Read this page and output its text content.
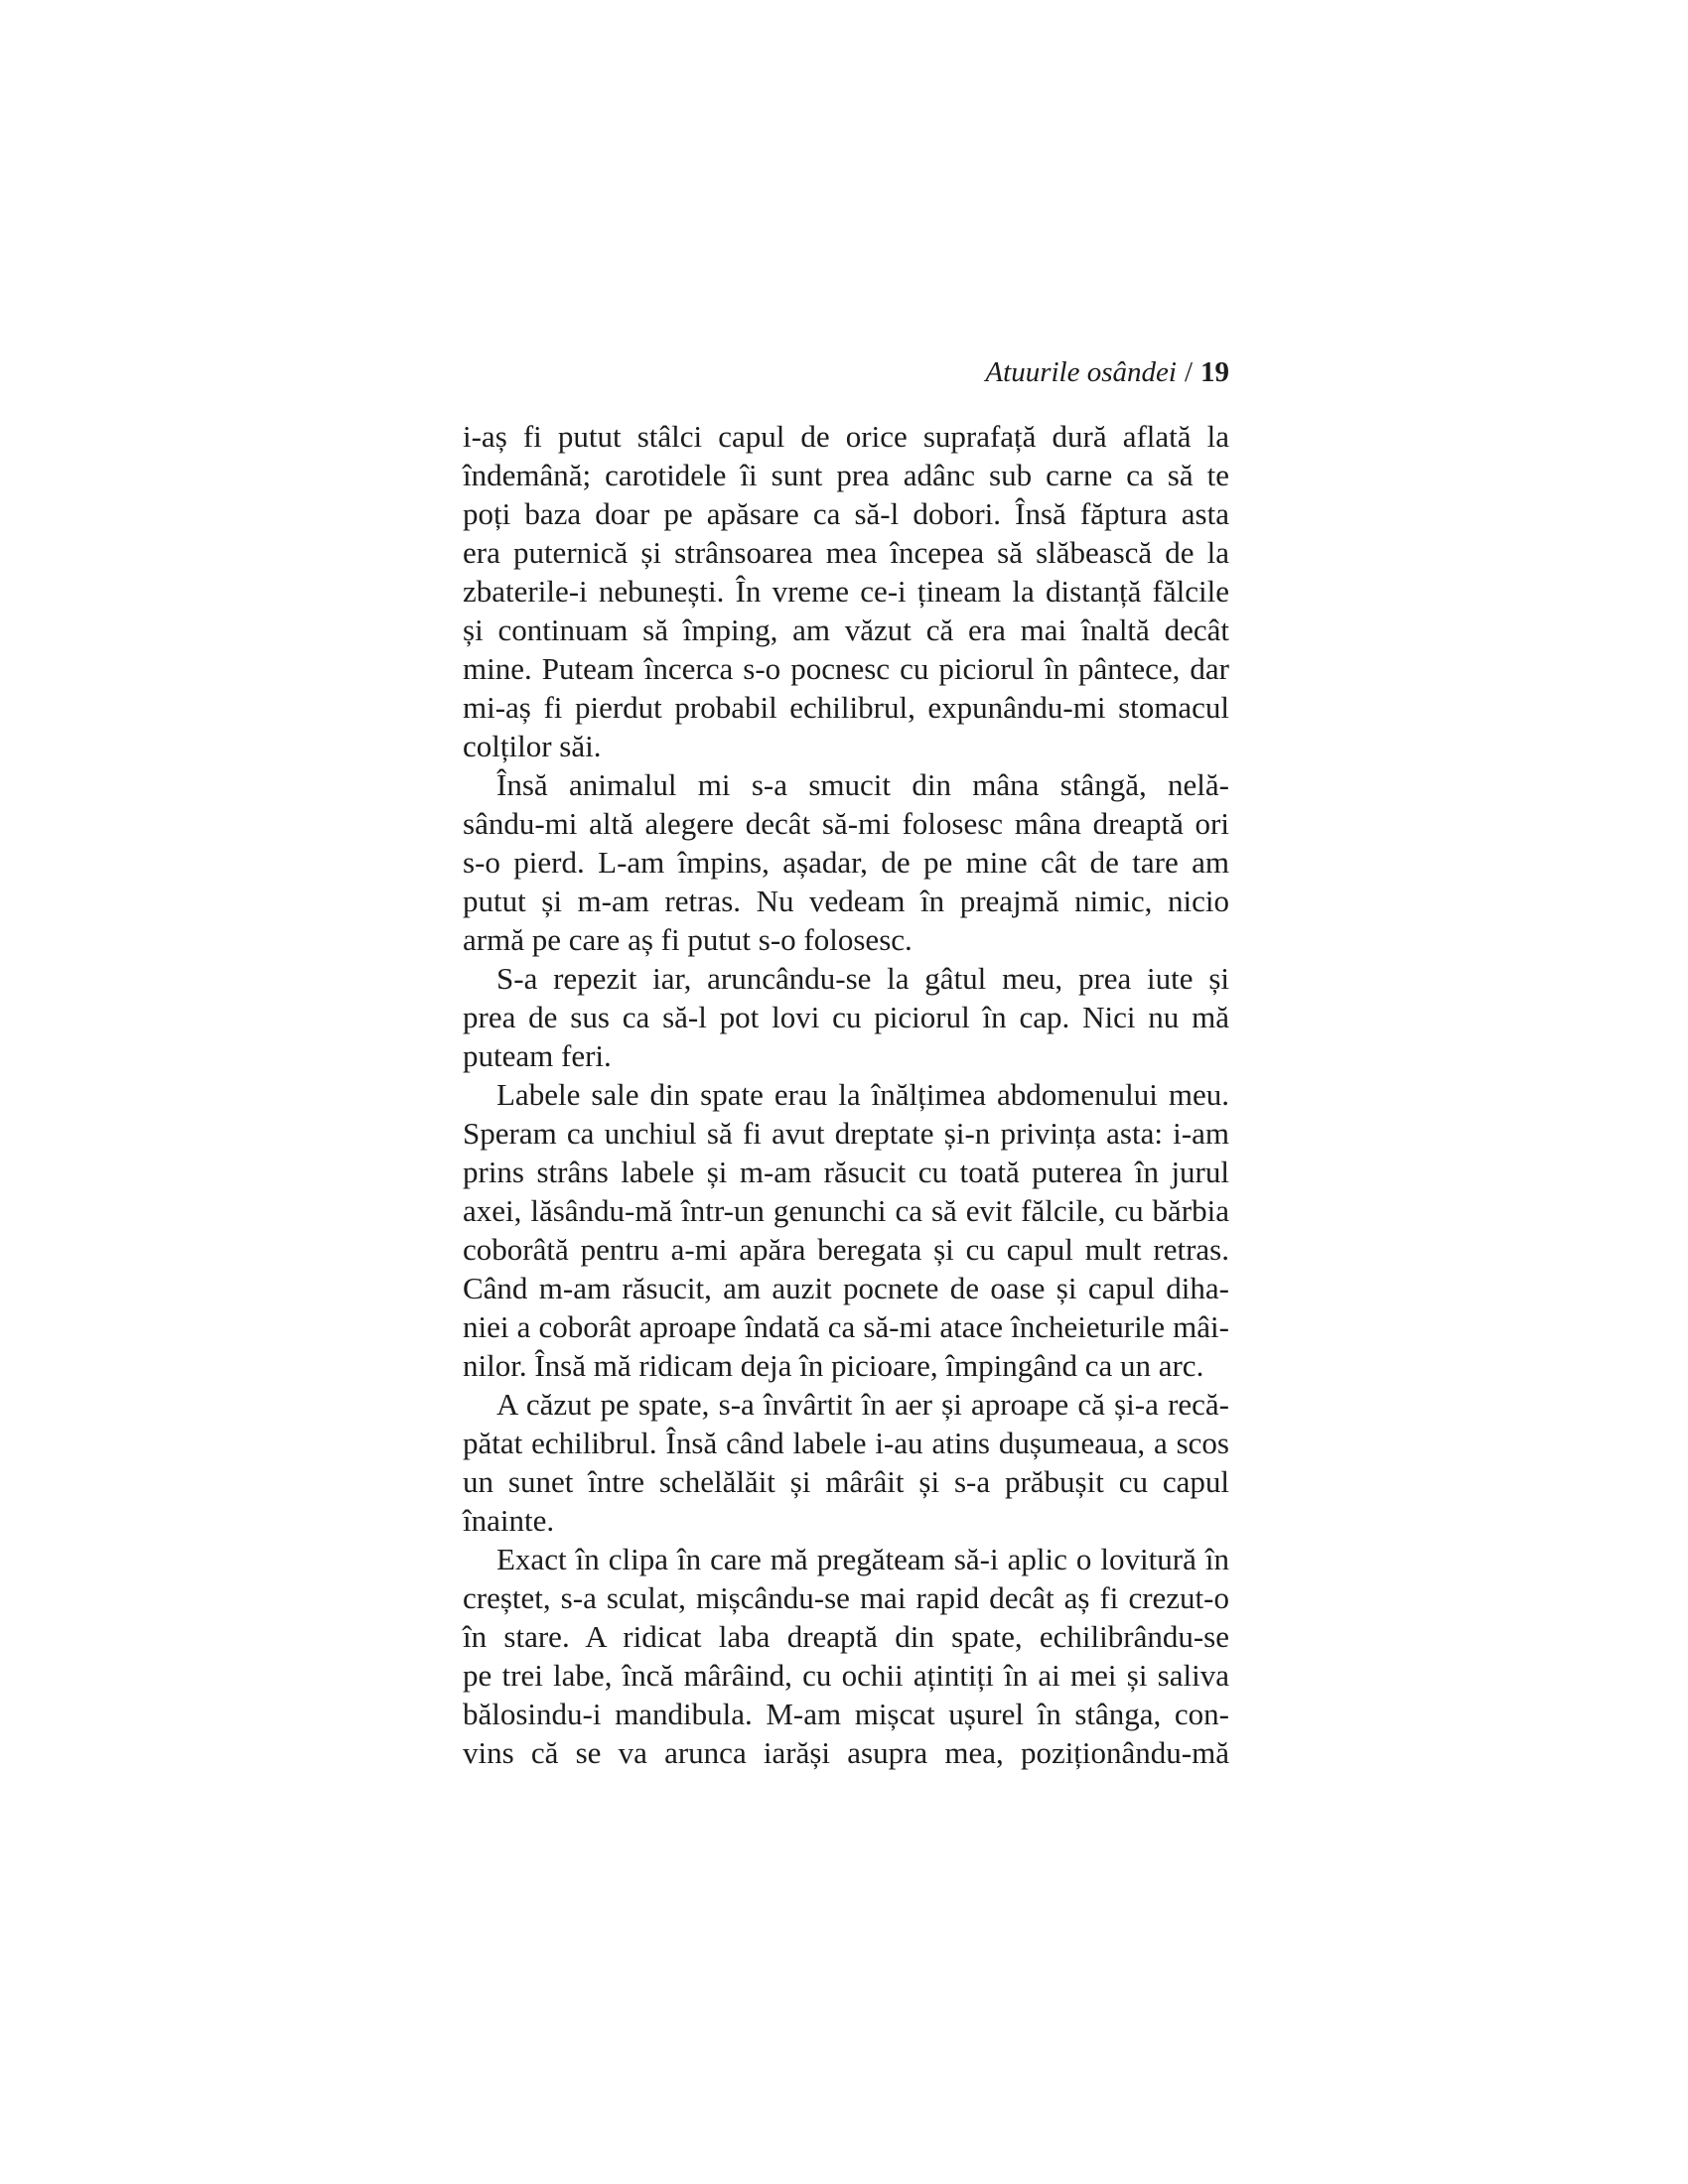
Atuurile osândei / 19
i-aș fi putut stâlci capul de orice suprafață dură aflată la
îndemână; carotidele îi sunt prea adânc sub carne ca să te
poți baza doar pe apăsare ca să-l dobori. Însă făptura asta
era puternică și strânsoarea mea începea să slăbească de la
zbaterile-i nebunești. În vreme ce-i țineam la distanță fălcile
și continuam să împing, am văzut că era mai înaltă decât
mine. Puteam încerca s-o pocnesc cu piciorul în pântece, dar
mi-aș fi pierdut probabil echilibrul, expunându-mi stomacul
colților săi.
Însă animalul mi s-a smucit din mâna stângă, nelă-
sându-mi altă alegere decât să-mi folosesc mâna dreaptă ori
s-o pierd. L-am împins, așadar, de pe mine cât de tare am
putut și m-am retras. Nu vedeam în preajmă nimic, nicio
armă pe care aș fi putut s-o folosesc.
S-a repezit iar, aruncându-se la gâtul meu, prea iute și
prea de sus ca să-l pot lovi cu piciorul în cap. Nici nu mă
puteam feri.
Labele sale din spate erau la înălțimea abdomenului meu.
Speram ca unchiul să fi avut dreptate și-n privința asta: i-am
prins strâns labele și m-am răsucit cu toată puterea în jurul
axei, lăsându-mă într-un genunchi ca să evit fălcile, cu bărbia
coborâtă pentru a-mi apăra beregata și cu capul mult retras.
Când m-am răsucit, am auzit pocnete de oase și capul diha-
niei a coborât aproape îndată ca să-mi atace încheieturile mâi-
nilor. Însă mă ridicam deja în picioare, împingând ca un arc.
A căzut pe spate, s-a învârtit în aer și aproape că și-a recă-
pătat echilibrul. Însă când labele i-au atins dușumeaua, a scos
un sunet între schelălăit și mârâit și s-a prăbușit cu capul
înainte.
Exact în clipa în care mă pregăteam să-i aplic o lovitură în
creștet, s-a sculat, mișcându-se mai rapid decât aș fi crezut-o
în stare. A ridicat laba dreaptă din spate, echilibrându-se
pe trei labe, încă mârâind, cu ochii ațintiți în ai mei și saliva
bălosindu-i mandibula. M-am mișcat ușurel în stânga, con-
vins că se va arunca iarăși asupra mea, poziționându-mă
